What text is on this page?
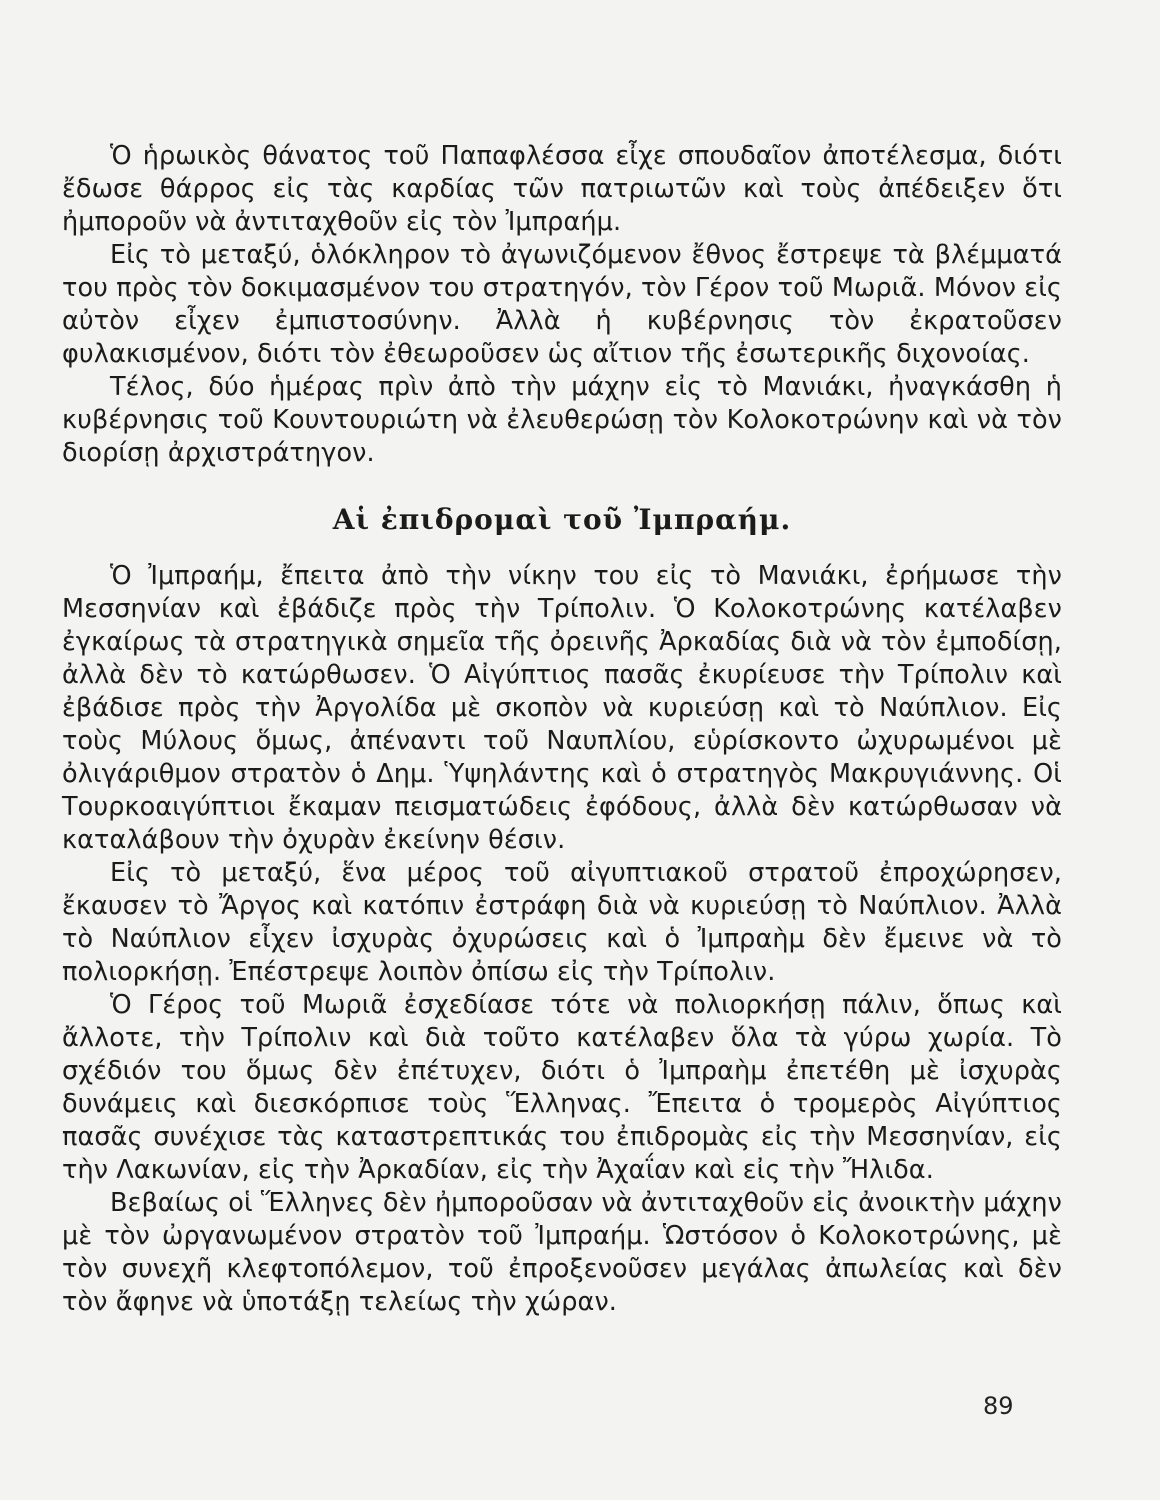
Ὁ ἡρωικὸς θάνατος τοῦ Παπαφλέσσα εἶχε σπουδαῖον ἀποτέλεσμα, διότι ἔδωσε θάρρος εἰς τὰς καρδίας τῶν πατριωτῶν καὶ τοὺς ἀπέδειξεν ὅτι ἠμποροῦν νὰ ἀντιταχθοῦν εἰς τὸν Ἰμπραήμ.

Εἰς τὸ μεταξύ, ὁλόκληρον τὸ ἀγωνιζόμενον ἔθνος ἔστρεψε τὰ βλέμματά του πρὸς τὸν δοκιμασμένον του στρατηγόν, τὸν Γέρον τοῦ Μωριᾶ. Μόνον εἰς αὐτὸν εἶχεν ἐμπιστοσύνην. Ἀλλὰ ἡ κυβέρνησις τὸν ἐκρατοῦσεν φυλακισμένον, διότι τὸν ἐθεωροῦσεν ὡς αἴτιον τῆς ἐσωτερικῆς διχονοίας.

Τέλος, δύο ἡμέρας πρὶν ἀπὸ τὴν μάχην εἰς τὸ Μανιάκι, ἠναγκάσθη ἡ κυβέρνησις τοῦ Κουντουριώτη νὰ ἐλευθερώσῃ τὸν Κολοκοτρώνην καὶ νὰ τὸν διορίσῃ ἀρχιστράτηγον.

Αἱ ἐπιδρομαὶ τοῦ Ἰμπραήμ.

Ὁ Ἰμπραήμ, ἔπειτα ἀπὸ τὴν νίκην του εἰς τὸ Μανιάκι, ἐρήμωσε τὴν Μεσσηνίαν καὶ ἐβάδιζε πρὸς τὴν Τρίπολιν. Ὁ Κολοκοτρώνης κατέλαβεν ἐγκαίρως τὰ στρατηγικὰ σημεῖα τῆς ὀρεινῆς Ἀρκαδίας διὰ νὰ τὸν ἐμποδίσῃ, ἀλλὰ δὲν τὸ κατώρθωσεν. Ὁ Αἰγύπτιος πασᾶς ἐκυρίευσε τὴν Τρίπολιν καὶ ἐβάδισε πρὸς τὴν Ἀργολίδα μὲ σκοπὸν νὰ κυριεύσῃ καὶ τὸ Ναύπλιον. Εἰς τοὺς Μύλους ὅμως, ἀπέναντι τοῦ Ναυπλίου, εὑρίσκοντο ὠχυρωμένοι μὲ ὀλιγάριθμον στρατὸν ὁ Δημ. Ὑψηλάντης καὶ ὁ στρατηγὸς Μακρυγιάννης. Οἱ Τουρκοαιγύπτιοι ἔκαμαν πεισματώδεις ἐφόδους, ἀλλὰ δὲν κατώρθωσαν νὰ καταλάβουν τὴν ὀχυρὰν ἐκείνην θέσιν.

Εἰς τὸ μεταξύ, ἕνα μέρος τοῦ αἰγυπτιακοῦ στρατοῦ ἐπροχώρησεν, ἔκαυσεν τὸ Ἄργος καὶ κατόπιν ἐστράφη διὰ νὰ κυριεύσῃ τὸ Ναύπλιον. Ἀλλὰ τὸ Ναύπλιον εἶχεν ἰσχυρὰς ὀχυρώσεις καὶ ὁ Ἰμπραὴμ δὲν ἔμεινε νὰ τὸ πολιορκήσῃ. Ἐπέστρεψε λοιπὸν ὀπίσω εἰς τὴν Τρίπολιν.

Ὁ Γέρος τοῦ Μωριᾶ ἐσχεδίασε τότε νὰ πολιορκήσῃ πάλιν, ὅπως καὶ ἄλλοτε, τὴν Τρίπολιν καὶ διὰ τοῦτο κατέλαβεν ὅλα τὰ γύρω χωρία. Τὸ σχέδιόν του ὅμως δὲν ἐπέτυχεν, διότι ὁ Ἰμπραὴμ ἐπετέθη μὲ ἰσχυρὰς δυνάμεις καὶ διεσκόρπισε τοὺς Ἕλληνας. Ἔπειτα ὁ τρομερὸς Αἰγύπτιος πασᾶς συνέχισε τὰς καταστρεπτικάς του ἐπιδρομὰς εἰς τὴν Μεσσηνίαν, εἰς τὴν Λακωνίαν, εἰς τὴν Ἀρκαδίαν, εἰς τὴν Ἀχαΐαν καὶ εἰς τὴν Ἤλιδα.

Βεβαίως οἱ Ἕλληνες δὲν ἠμποροῦσαν νὰ ἀντιταχθοῦν εἰς ἀνοικτὴν μάχην μὲ τὸν ὠργανωμένον στρατὸν τοῦ Ἰμπραήμ. Ὡστόσον ὁ Κολοκοτρώνης, μὲ τὸν συνεχῆ κλεφτοπόλεμον, τοῦ ἐπροξενοῦσεν μεγάλας ἀπωλείας καὶ δὲν τὸν ἄφηνε νὰ ὑποτάξῃ τελείως τὴν χώραν.

89
